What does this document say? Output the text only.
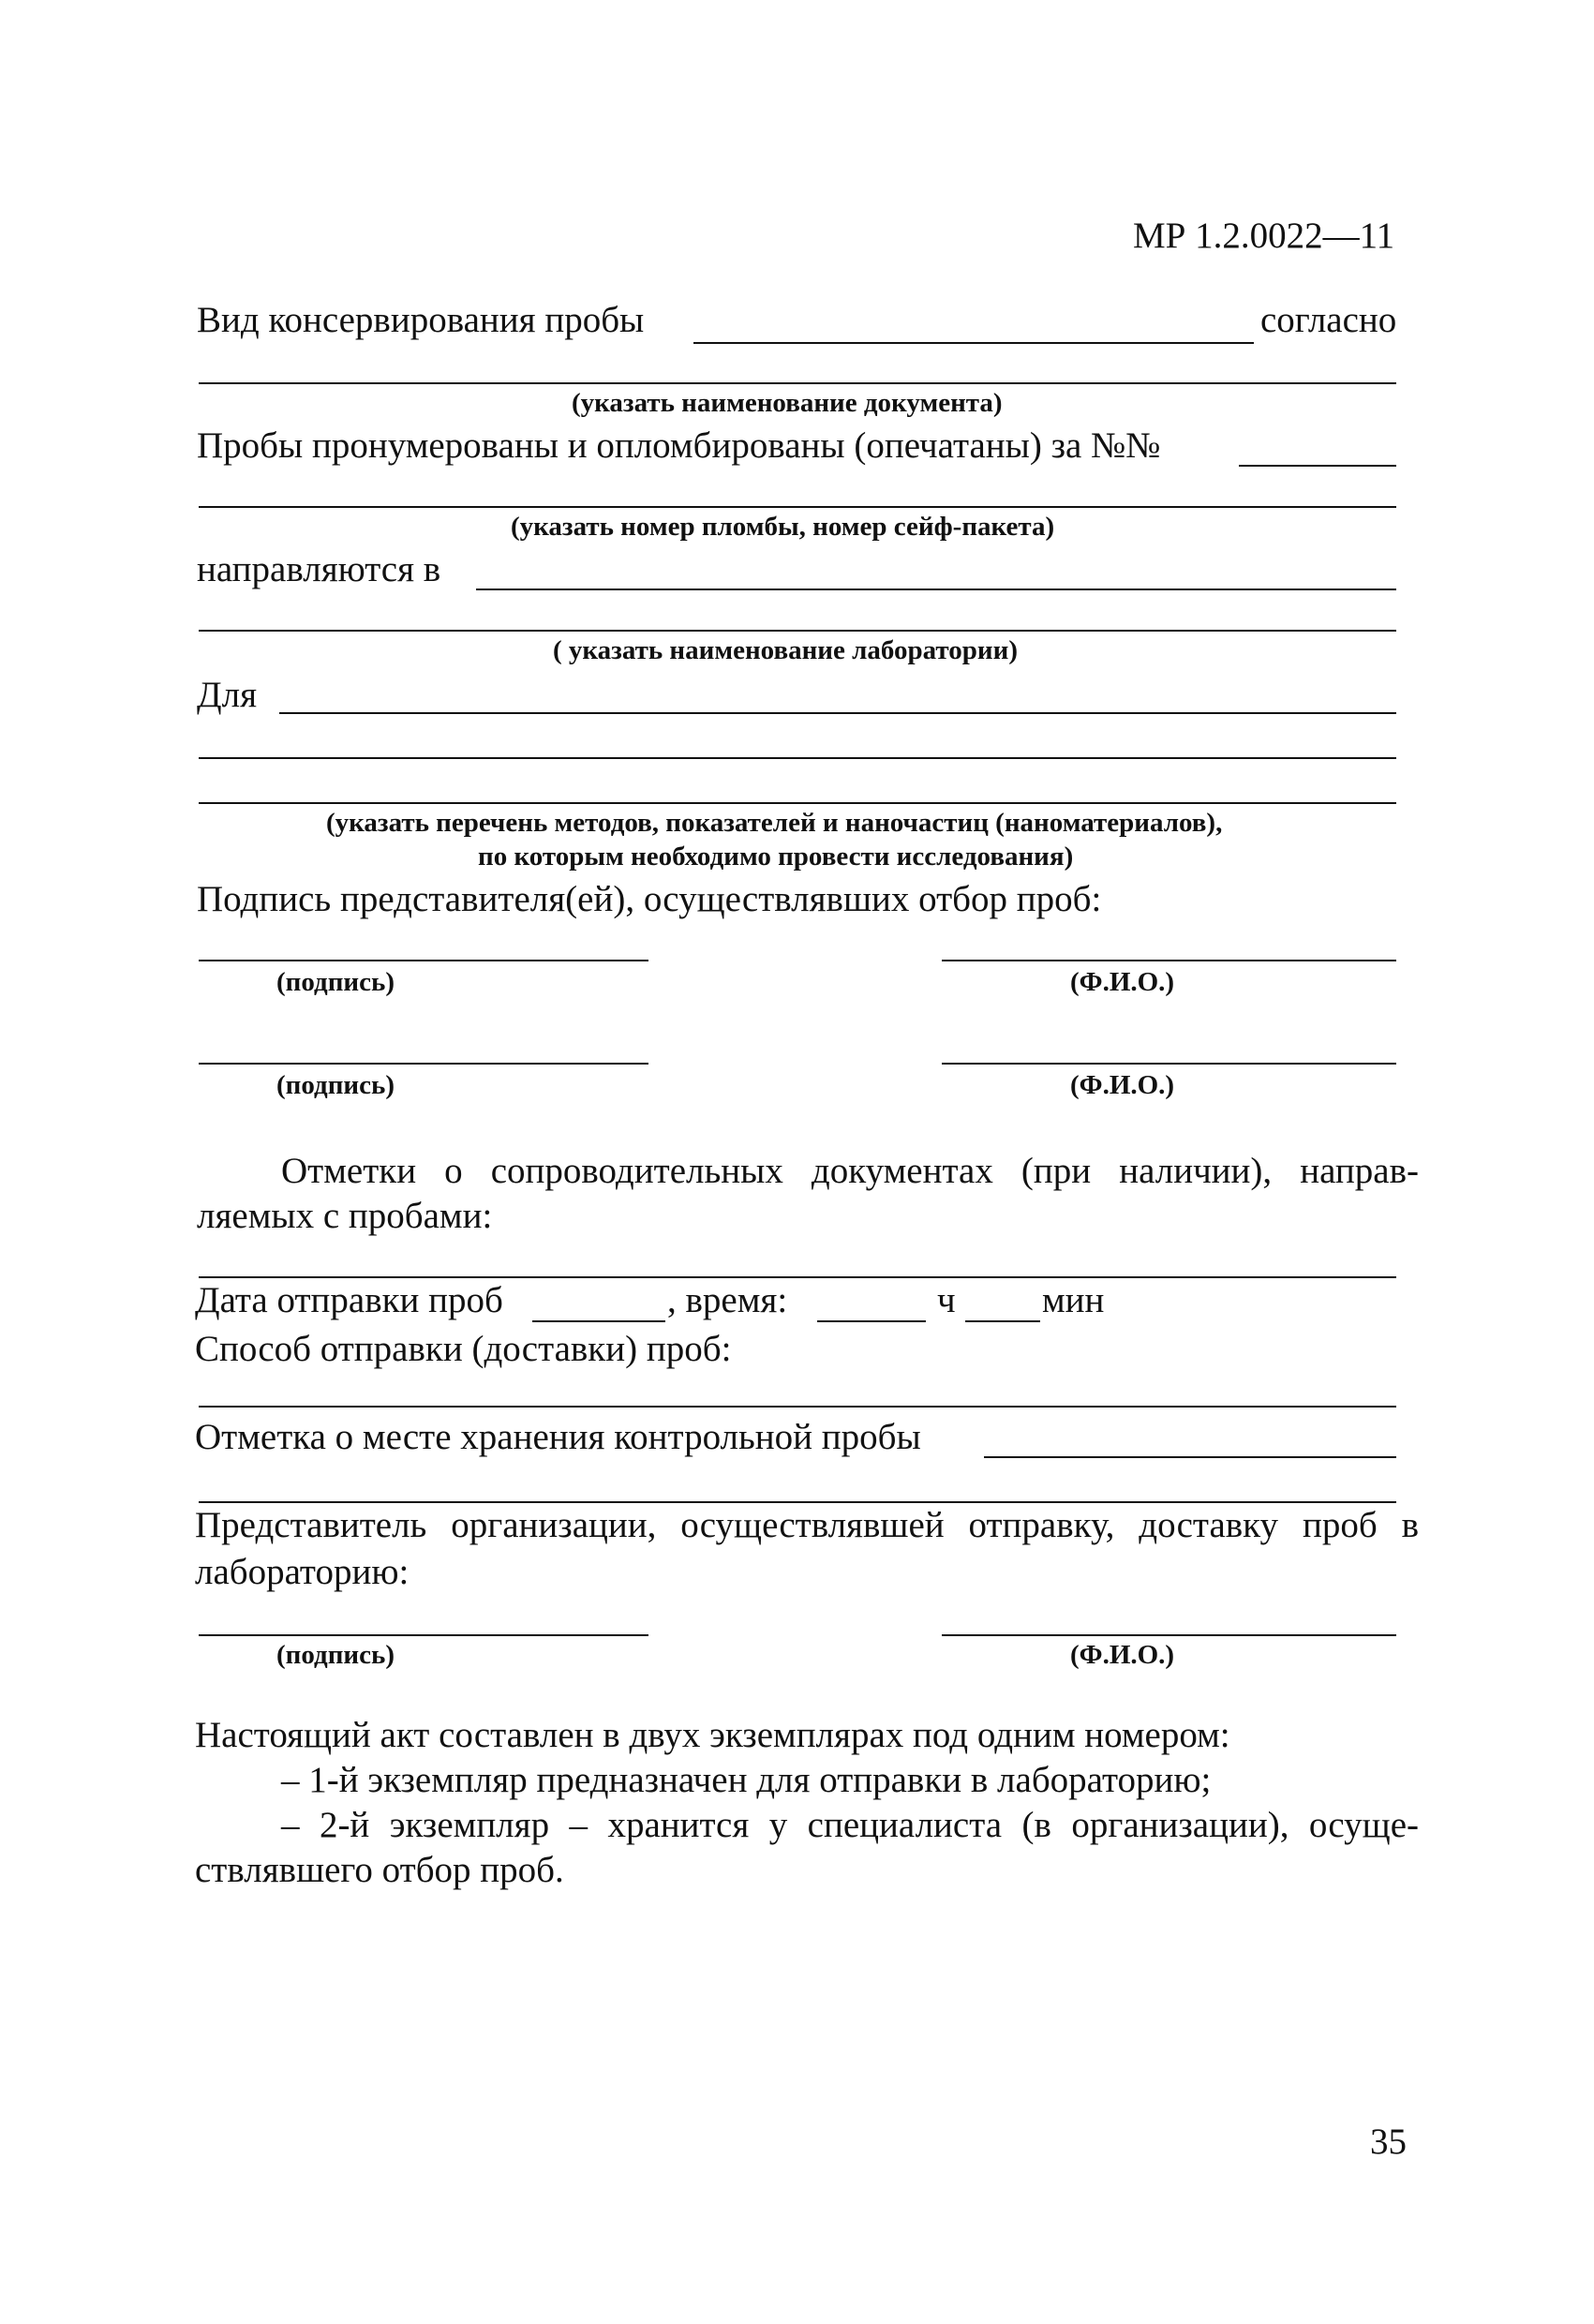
МР 1.2.0022—11
Вид консервирования пробы	согласно
(указать наименование документа)
Пробы пронумерованы и опломбированы (опечатаны) за №№
(указать номер пломбы, номер сейф-пакета)
направляются в
( указать наименование лаборатории)
Для
(указать перечень методов, показателей и наночастиц (наноматериалов),
по которым необходимо провести исследования)
Подпись представителя(ей), осуществлявших отбор проб:
(подпись)	(Ф.И.О.)
(подпись)	(Ф.И.О.)
Отметки о сопроводительных документах (при наличии), направ-
ляемых с пробами:
Дата отправки проб	, время:	ч мин
Способ отправки (доставки) проб:
Отметка о месте хранения контрольной пробы
Представитель организации, осуществлявшей отправку, доставку проб в
лабораторию:
(подпись)	(Ф.И.О.)
Настоящий акт составлен в двух экземплярах под одним номером:
– 1-й экземпляр предназначен для отправки в лабораторию;
– 2-й экземпляр – хранится у специалиста (в организации), осуще-
ствлявшего отбор проб.
35
